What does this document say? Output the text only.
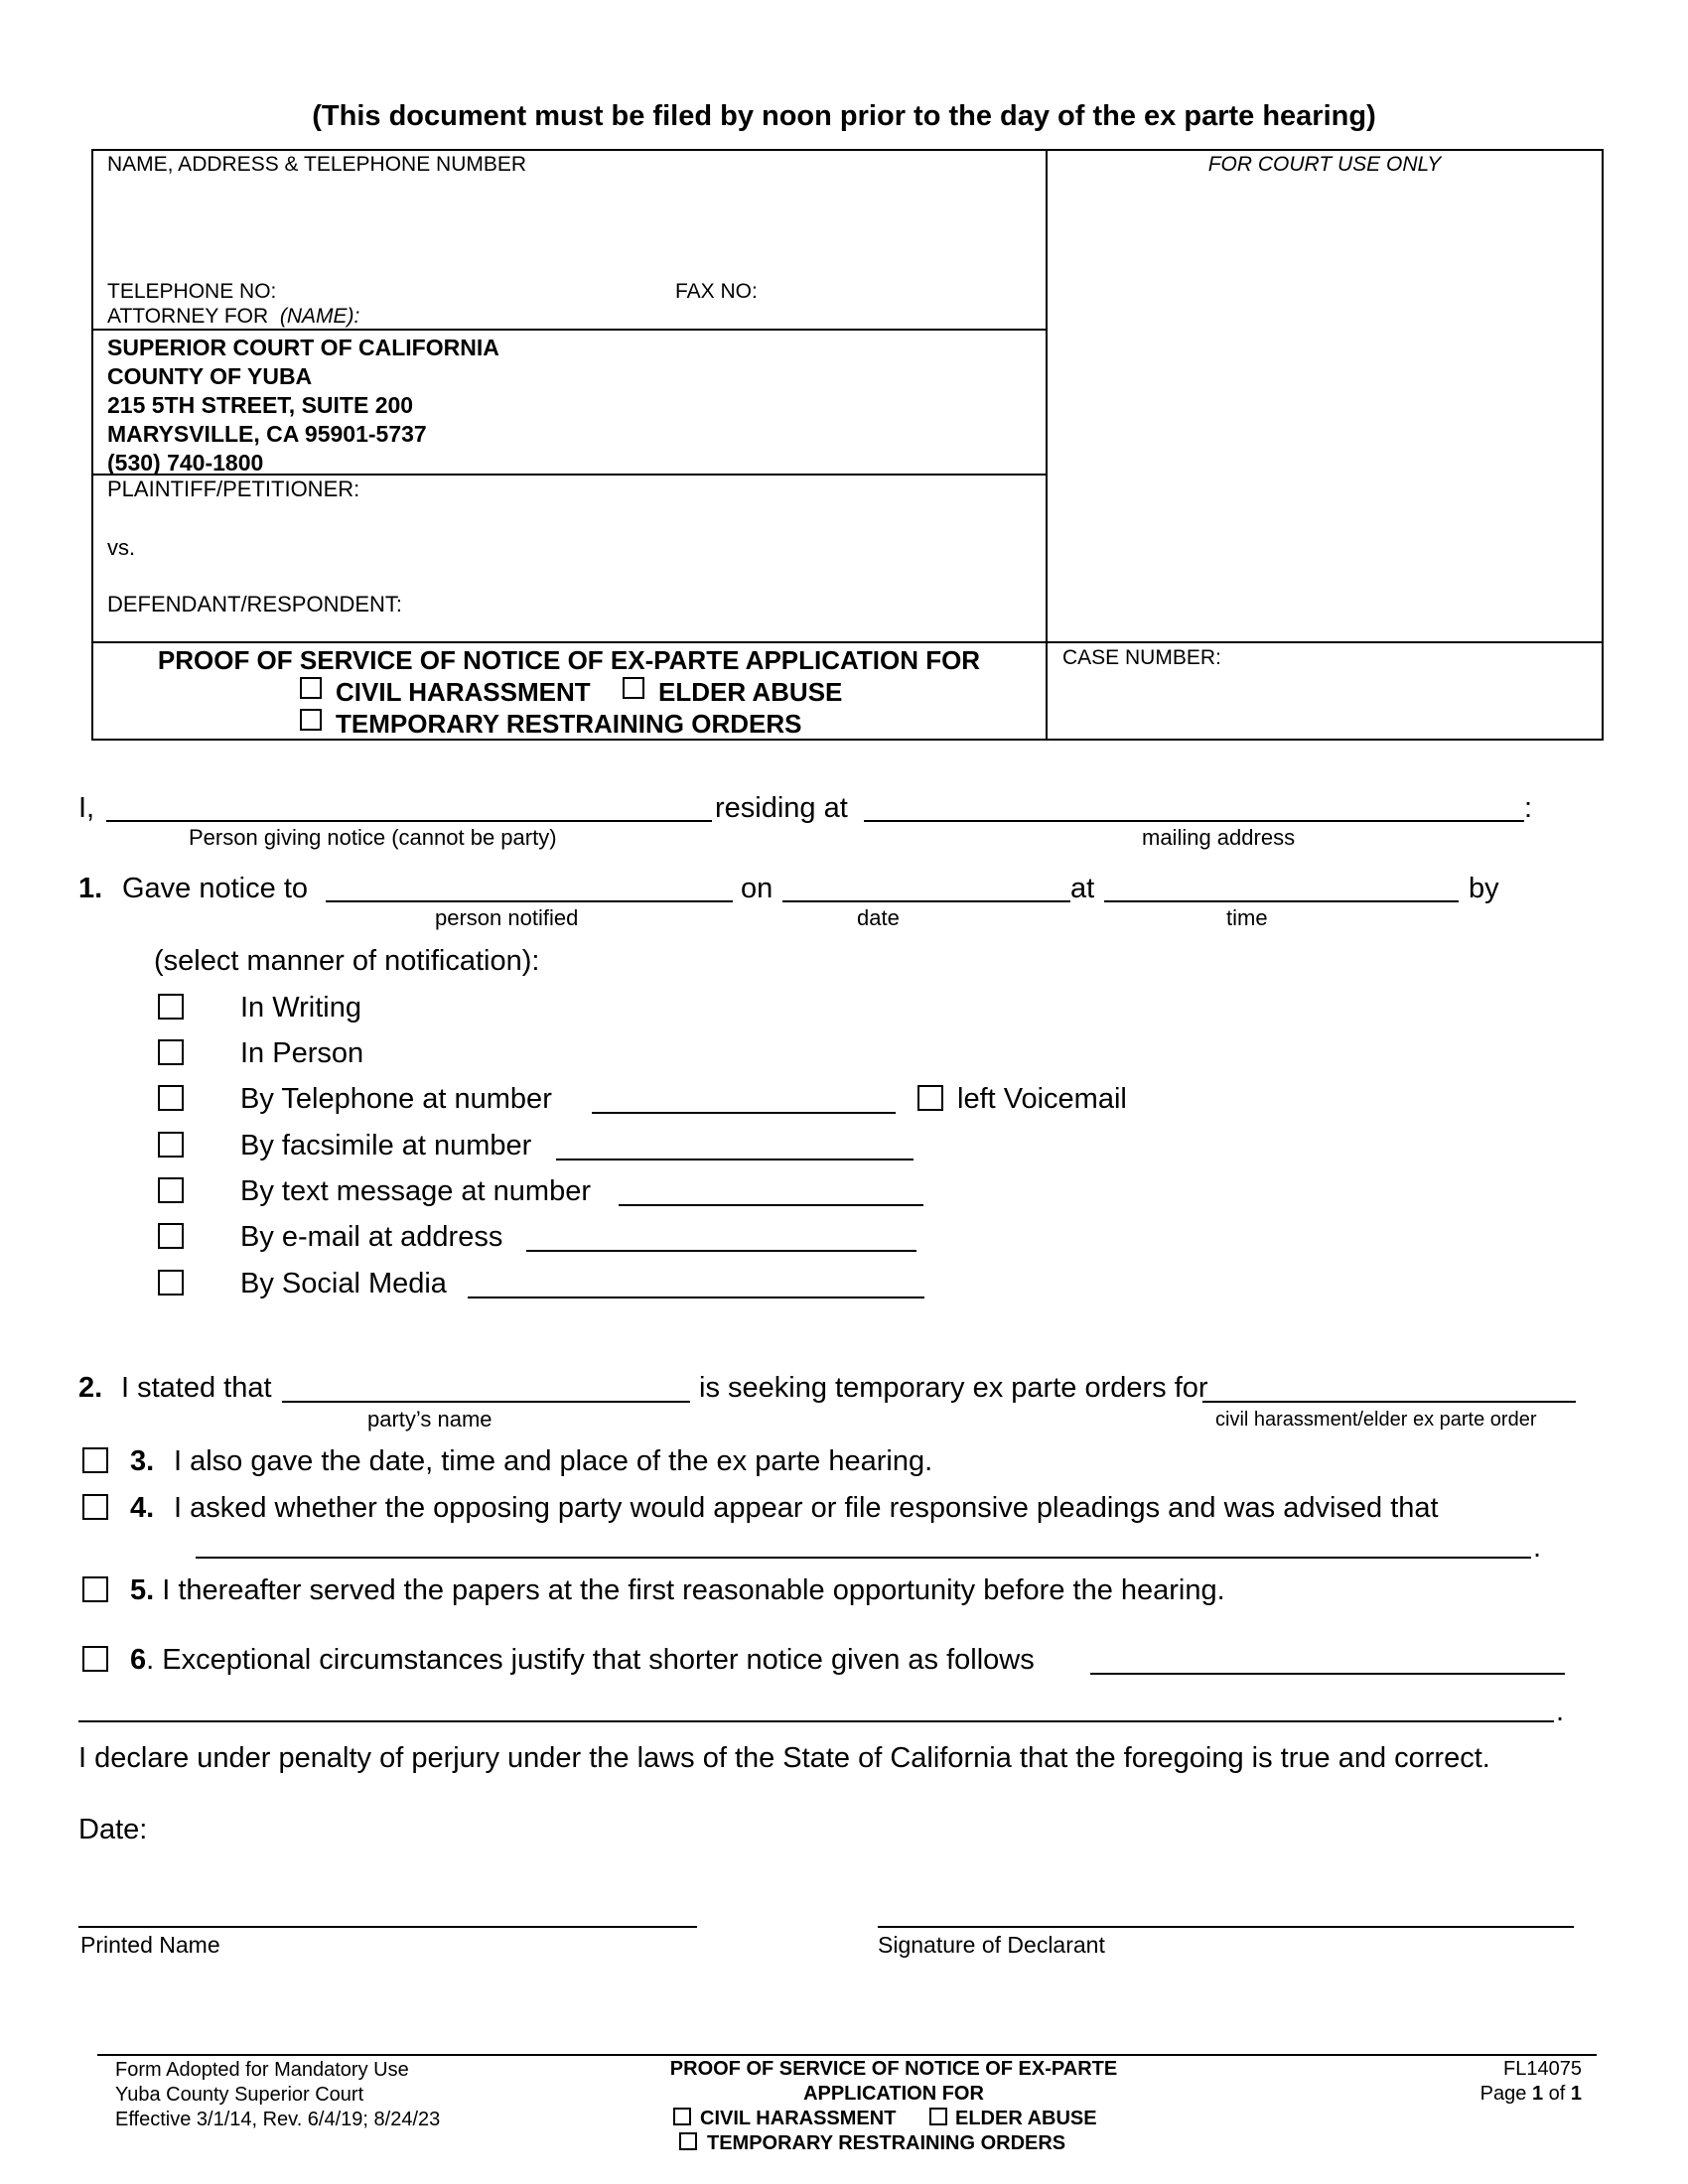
(This document must be filed by noon prior to the day of the ex parte hearing)
NAME, ADDRESS & TELEPHONE NUMBER	FOR COURT USE ONLY
TELEPHONE NO:	FAX NO:
ATTORNEY FOR (NAME):
SUPERIOR COURT OF CALIFORNIA
COUNTY OF YUBA
215 5TH STREET, SUITE 200
MARYSVILLE, CA 95901-5737
(530) 740-1800
PLAINTIFF/PETITIONER:
vs.
DEFENDANT/RESPONDENT:
PROOF OF SERVICE OF NOTICE OF EX-PARTE APPLICATION FOR
CIVIL HARASSMENT	ELDER ABUSE
TEMPORARY RESTRAINING ORDERS
CASE NUMBER:
I,	residing at	:
Person giving notice (cannot be party)	mailing address
1. Gave notice to	on	at	by
person notified	date	time
(select manner of notification):
In Writing
In Person
By Telephone at number	left Voicemail
By facsimile at number
By text message at number
By e-mail at address
By Social Media
2. I stated that	is seeking temporary ex parte orders for
party’s name	civil harassment/elder ex parte order
3. I also gave the date, time and place of the ex parte hearing.
4. I asked whether the opposing party would appear or file responsive pleadings and was advised that
.
5. I thereafter served the papers at the first reasonable opportunity before the hearing.
6. Exceptional circumstances justify that shorter notice given as follows
.
I declare under penalty of perjury under the laws of the State of California that the foregoing is true and correct.
Date:
Printed Name	Signature of Declarant
Form Adopted for Mandatory Use
Yuba County Superior Court
Effective 3/1/14, Rev. 6/4/19; 8/24/23
PROOF OF SERVICE OF NOTICE OF EX-PARTE
APPLICATION FOR
CIVIL HARASSMENT	ELDER ABUSE
TEMPORARY RESTRAINING ORDERS
FL14075
Page 1 of 1
